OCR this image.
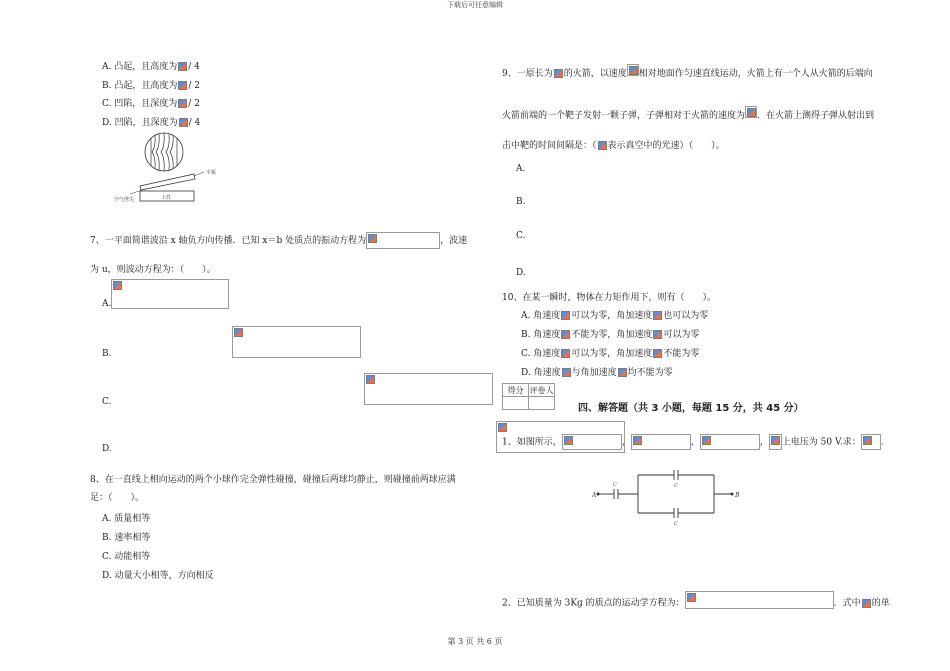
下载后可任意编辑
A. 凸起，且高度为 / 4
B. 凸起，且高度为 / 2
C. 凹陷，且深度为 / 2
D. 凹陷，且深度为 / 4
平板
工件
空气劈尖
7、一平面简谐波沿 x 轴负方向传播．已知 x＝b 处质点的振动方程为	，波速
为 u，则波动方程为：（　　）。
A.

B.

C.

D.

8、在一直线上相向运动的两个小球作完全弹性碰撞，碰撞后两球均静止，则碰撞前两球应满
足：（　　）。
A. 质量相等
B. 速率相等
C. 动能相等
D. 动量大小相等，方向相反
9、一原长为 的火箭，以速度 相对地面作匀速直线运动，火箭上有一个人从火箭的后端向
火箭前端的一个靶子发射一颗子弹，子弹相对于火箭的速度为 ．在火箭上测得子弹从射出到
击中靶的时间间隔是：（ 表示真空中的光速）（　　）。
A.

B.

C.

D.
10、在某一瞬时，物体在力矩作用下，则有（　　）。
A. 角速度 可以为零，角加速度 也可以为零
B. 角速度 不能为零，角加速度 可以为零
C. 角速度 可以为零，角加速度 不能为零
D. 角速度 与角加速度 均不能为零
得分	评卷人

四、解答题（共 3 小题，每题 15 分，共 45 分）
1、如图所示，	，	，	， 上电压为 50 V.求： .
A	B
C	C
C
2、已知质量为 3Kg 的质点的运动学方程为：	．式中 的单
第 3 页 共 6 页
